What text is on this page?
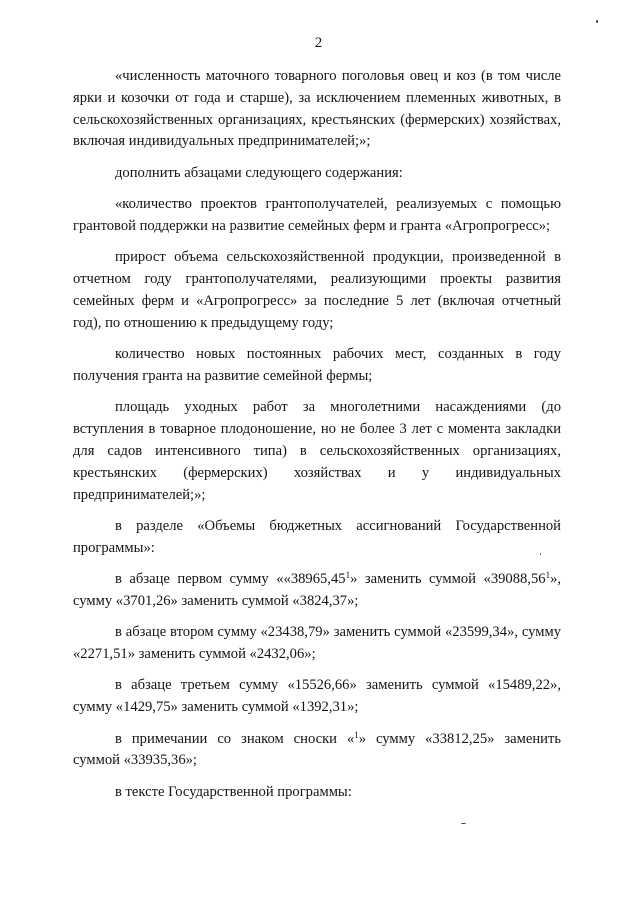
2

«численность маточного товарного поголовья овец и коз (в том числе ярки и козочки от года и старше), за исключением племенных животных, в сельскохозяйственных организациях, крестьянских (фермерских) хозяйствах, включая индивидуальных предпринимателей;»;

дополнить абзацами следующего содержания:

«количество проектов грантополучателей, реализуемых с помощью грантовой поддержки на развитие семейных ферм и гранта «Агропрогресс»;

прирост объема сельскохозяйственной продукции, произведенной в отчетном году грантополучателями, реализующими проекты развития семейных ферм и «Агропрогресс» за последние 5 лет (включая отчетный год), по отношению к предыдущему году;

количество новых постоянных рабочих мест, созданных в году получения гранта на развитие семейной фермы;

площадь уходных работ за многолетними насаждениями (до вступления в товарное плодоношение, но не более 3 лет с момента закладки для садов интенсивного типа) в сельскохозяйственных организациях, крестьянских (фермерских) хозяйствах и у индивидуальных предпринимателей;»;

в разделе «Объемы бюджетных ассигнований Государственной программы»:

в абзаце первом сумму ««38965,45$^1$» заменить суммой «39088,56$^1$», сумму «3701,26» заменить суммой «3824,37»;

в абзаце втором сумму «23438,79» заменить суммой «23599,34», сумму «2271,51» заменить суммой «2432,06»;

в абзаце третьем сумму «15526,66» заменить суммой «15489,22», сумму «1429,75» заменить суммой «1392,31»;

в примечании со знаком сноски «$^1$» сумму «33812,25» заменить суммой «33935,36»;

в тексте Государственной программы:
